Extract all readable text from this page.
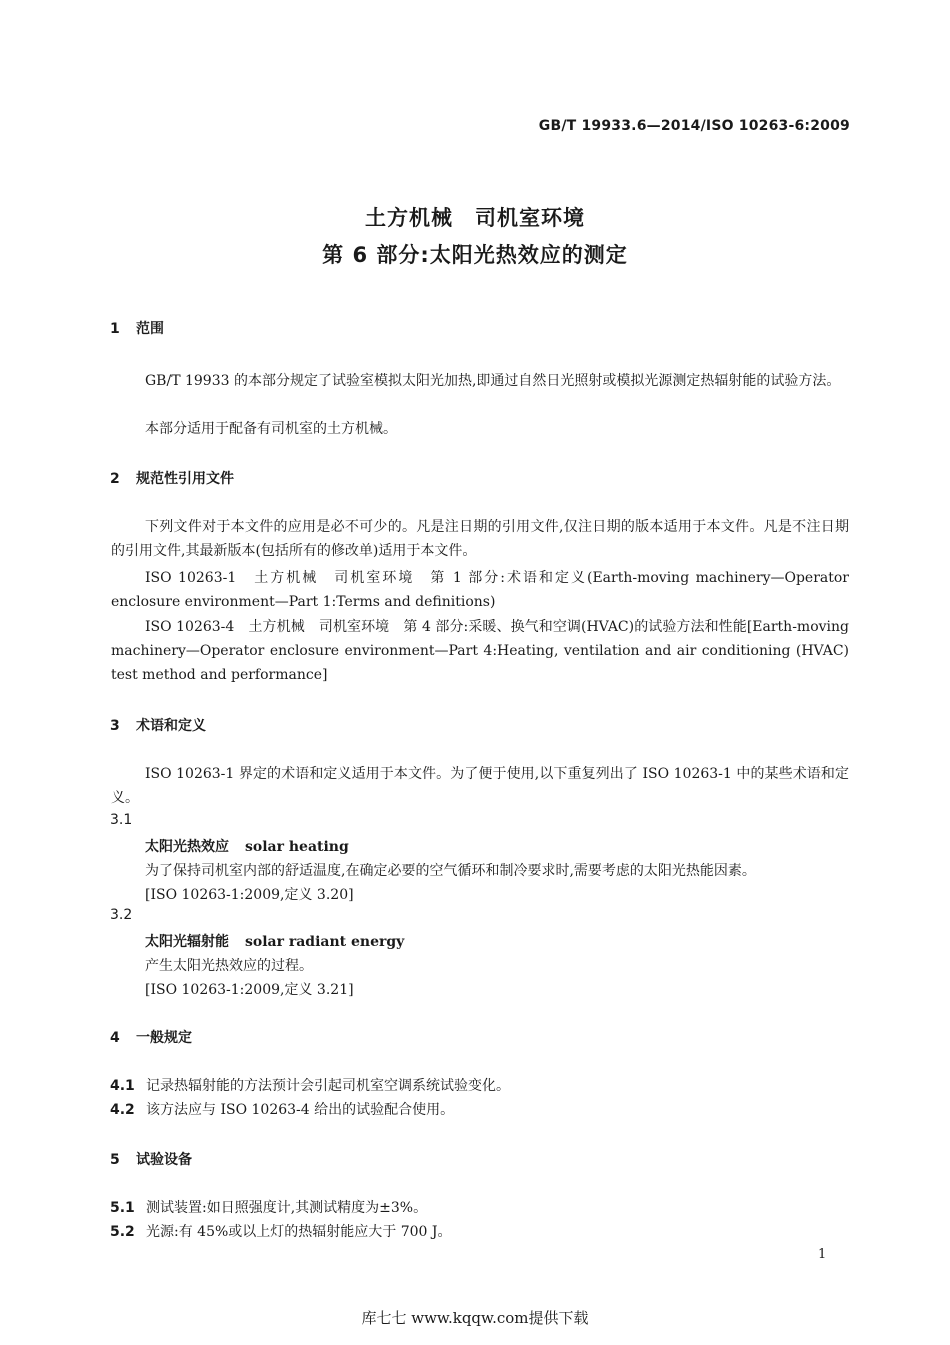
GB/T 19933.6—2014/ISO 10263-6:2009
土方机械　司机室环境
第 6 部分:太阳光热效应的测定
1 范围
GB/T 19933 的本部分规定了试验室模拟太阳光加热,即通过自然日光照射或模拟光源测定热辐射能的试验方法。
本部分适用于配备有司机室的土方机械。
2 规范性引用文件
下列文件对于本文件的应用是必不可少的。凡是注日期的引用文件,仅注日期的版本适用于本文件。凡是不注日期的引用文件,其最新版本(包括所有的修改单)适用于本文件。
ISO 10263-1　土方机械　司机室环境　第 1 部分:术语和定义(Earth-moving machinery—Operator enclosure environment—Part 1:Terms and definitions)
ISO 10263-4　土方机械　司机室环境　第 4 部分:采暖、换气和空调(HVAC)的试验方法和性能[Earth-moving machinery—Operator enclosure environment—Part 4:Heating, ventilation and air conditioning (HVAC) test method and performance]
3 术语和定义
ISO 10263-1 界定的术语和定义适用于本文件。为了便于使用,以下重复列出了 ISO 10263-1 中的某些术语和定义。
3.1
太阳光热效应 solar heating
为了保持司机室内部的舒适温度,在确定必要的空气循环和制冷要求时,需要考虑的太阳光热能因素。
[ISO 10263-1:2009,定义 3.20]
3.2
太阳光辐射能 solar radiant energy
产生太阳光热效应的过程。
[ISO 10263-1:2009,定义 3.21]
4 一般规定
4.1 记录热辐射能的方法预计会引起司机室空调系统试验变化。
4.2 该方法应与 ISO 10263-4 给出的试验配合使用。
5 试验设备
5.1 测试装置:如日照强度计,其测试精度为±3%。
5.2 光源:有 45%或以上灯的热辐射能应大于 700 J。
1
库七七 www.kqqw.com提供下载
